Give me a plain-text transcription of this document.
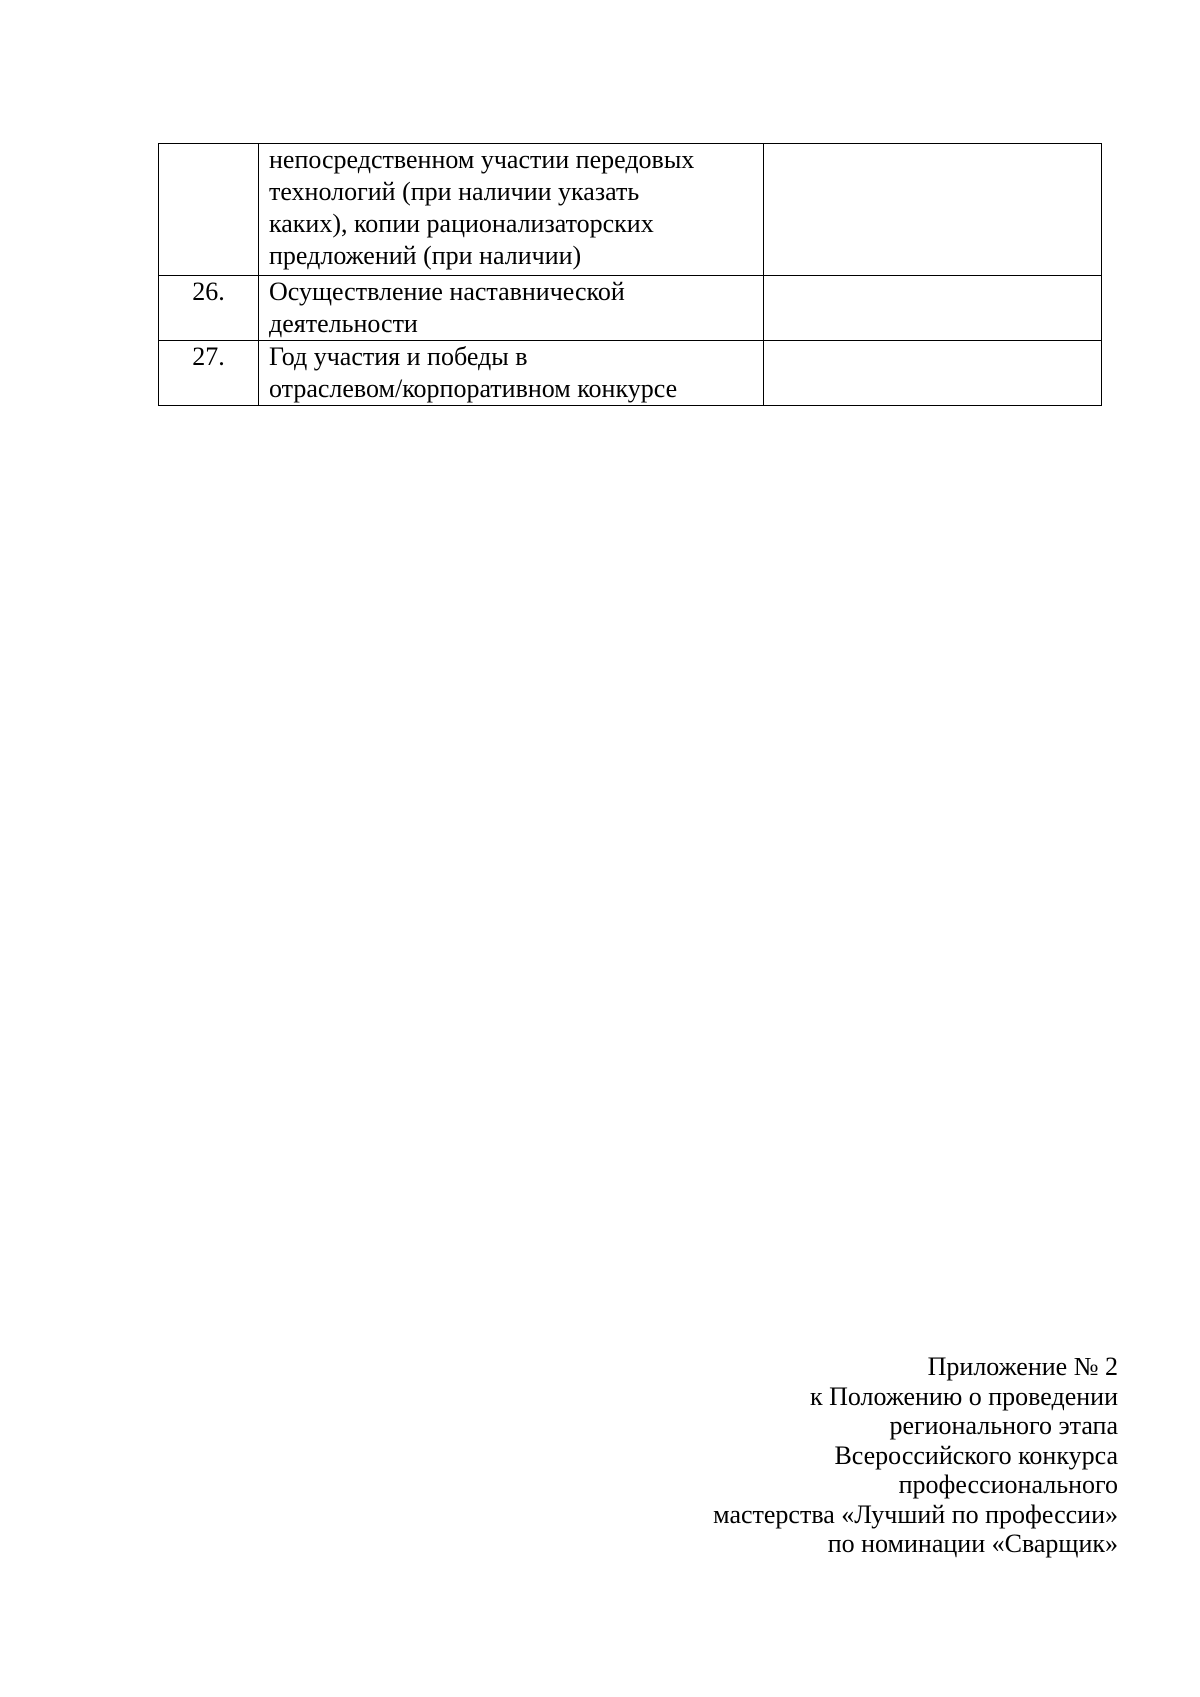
	непосредственном участии передовых
технологий (при наличии указать
каких), копии рационализаторских
предложений (при наличии)	

26.	Осуществление наставнической
деятельности	

27.	Год участия и победы в
отраслевом/корпоративном конкурсе	

Приложение № 2
к Положению о проведении
регионального этапа
Всероссийского конкурса
профессионального
мастерства «Лучший по профессии»
по номинации «Сварщик»
